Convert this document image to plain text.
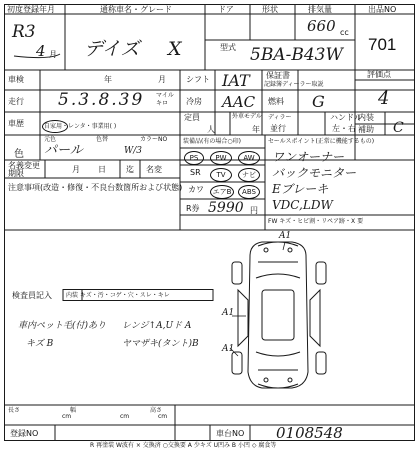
初度登録年月
R3
4 月
通称車名・グレード
デイズ X
ドア	形状	排気量
660 cc
出品NO
701
型式 5BA-B43W
車検	年	月	シフト IAT 保証書
記録簿ディーラー取説
評価点
4
走行 5.3.8.39 マイル
キロ 冷房 AAC 燃料 G
車歴	自家用・レンタ・事業用( )
定員
人
外車モデル
年
ディラー
並行
ハンドル
左・右
内装
補助 C
色
元色
パール
色替	カラーNO
W/3
名義変更
期限	月 日	迄 名変
注意事項(改造・修復・不良台数箇所および状態)
装備品(有の場合○印)
PS	PW	AW
SR	TV	ナビ
カワ	エアB	ABS
R券 5990 円
セールスポイント(正常に機能するもの)
ワンオーナー
バックモニター
Eブレーキ
VDC,LDW
FW キズ・ヒビ割・リペア跡・X 要
A1
A1
A1
検査員記入 内装 キズ・汚・コゲ・穴・スレ・キレ
車内ペット毛(付)あり レンジ↑A,Uド A
キズ B	ヤマザキ(タント)B
長さ
cm
幅
cm
高さ
cm
登録NO	車台NO 0108548
R 再塗装 W波有 × 交換済 ○交換要 A 少キズ U凹み B 小凹 ◇ 腐食等
